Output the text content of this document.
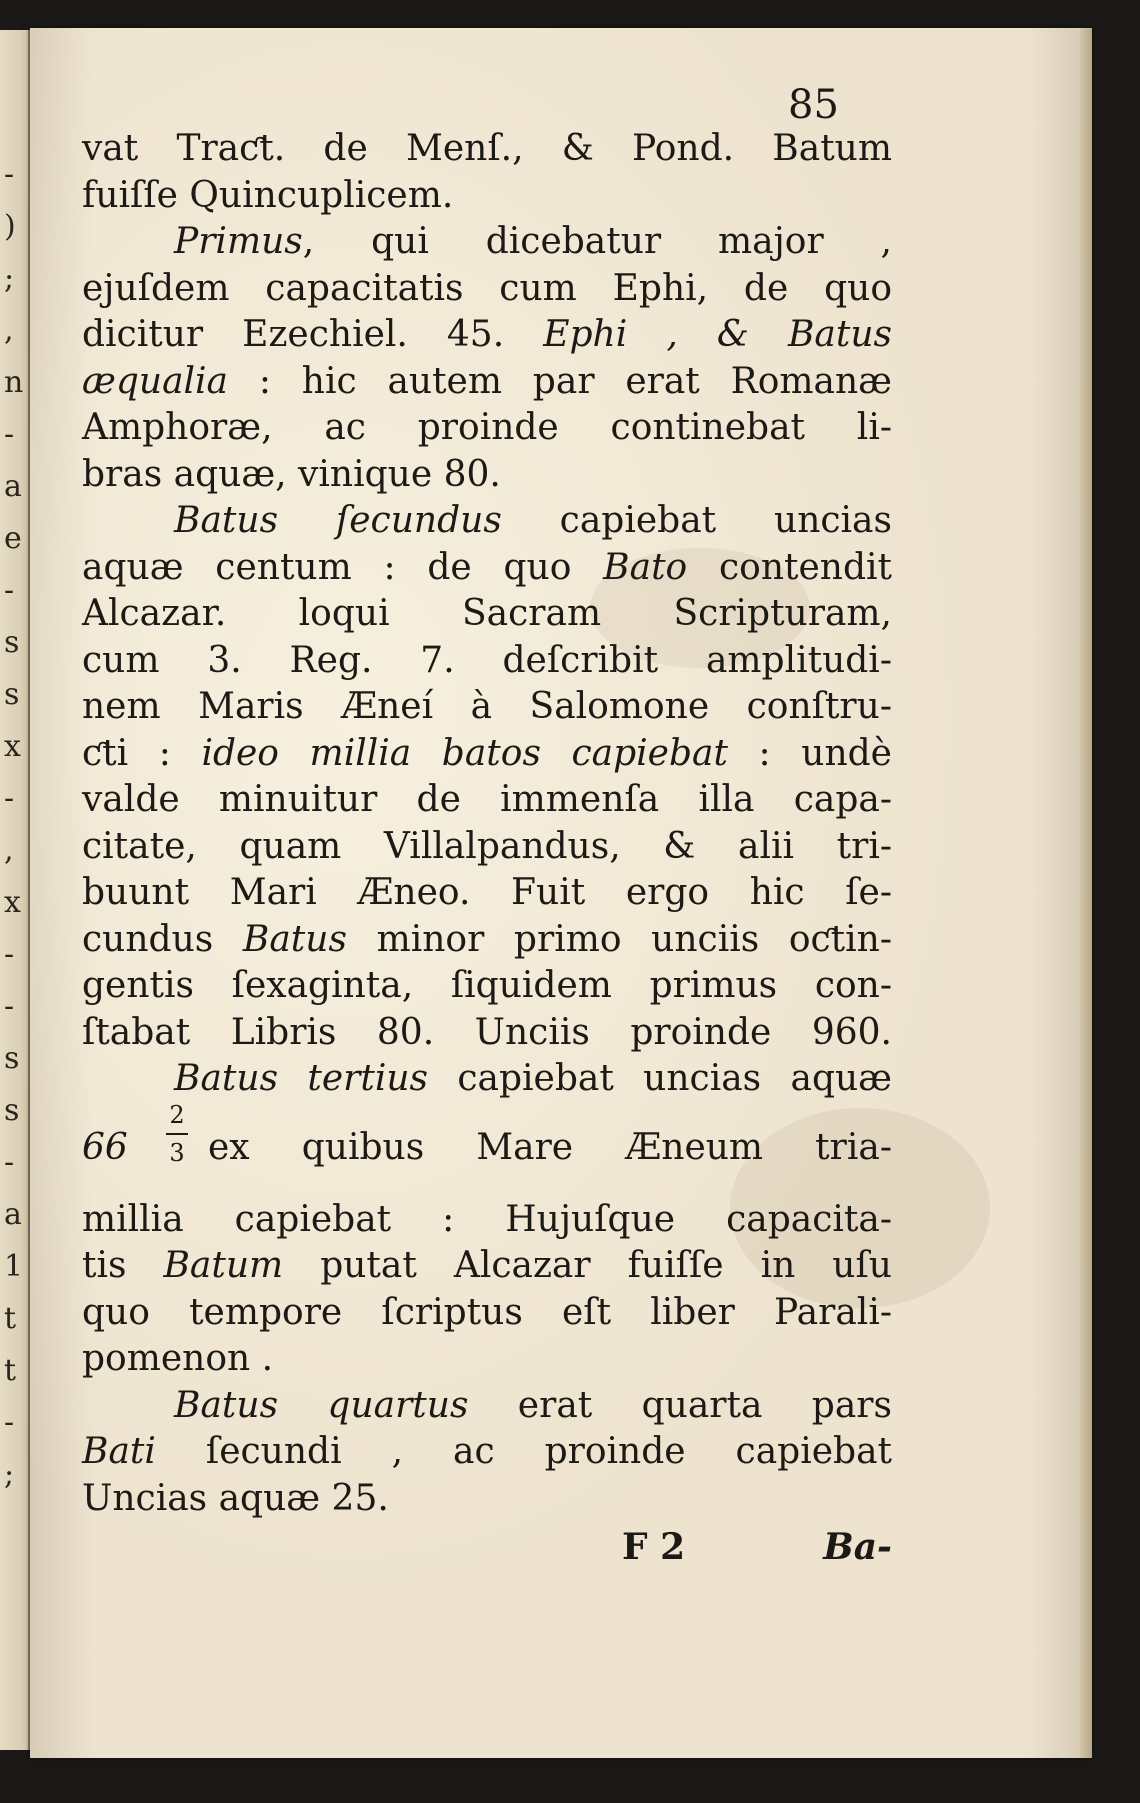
-
)
;
,
n
-
a
e
-
s
s
x
-
,
x
-
-
s
s
-
a
1
t
t
-
;
85
vat Traƈt. de Menſ., & Pond. Batum
fuiſſe Quincuplicem.
Primus, qui dicebatur major ,
ejuſdem capacitatis cum Ephi, de quo
dicitur Ezechiel. 45. Ephi , & Batus
æqualia : hic autem par erat Romanæ
Amphoræ, ac proinde continebat li-
bras aquæ, vinique 80.
Batus ſecundus capiebat uncias
aquæ centum : de quo Bato contendit
Alcazar. loqui Sacram Scripturam,
cum 3. Reg. 7. deſcribit amplitudi-
nem Maris Æneí à Salomone conſtru-
ƈti : ideo millia batos capiebat : undè
valde minuitur de immenſa illa capa-
citate, quam Villalpandus, & alii tri-
buunt Mari Æneo. Fuit ergo hic ſe-
cundus Batus minor primo unciis oƈtin-
gentis ſexaginta, ſiquidem primus con-
ſtabat Libris 80. Unciis proinde 960.
Batus tertius capiebat uncias aquæ
66
2
3 ex quibus Mare Æneum tria-
millia capiebat : Hujuſque capacita-
tis Batum putat Alcazar fuiſſe in uſu
quo tempore ſcriptus eſt liber Parali-
pomenon .
Batus quartus erat quarta pars
Bati ſecundi , ac proinde capiebat
Uncias aquæ 25.
F 2	Ba-
